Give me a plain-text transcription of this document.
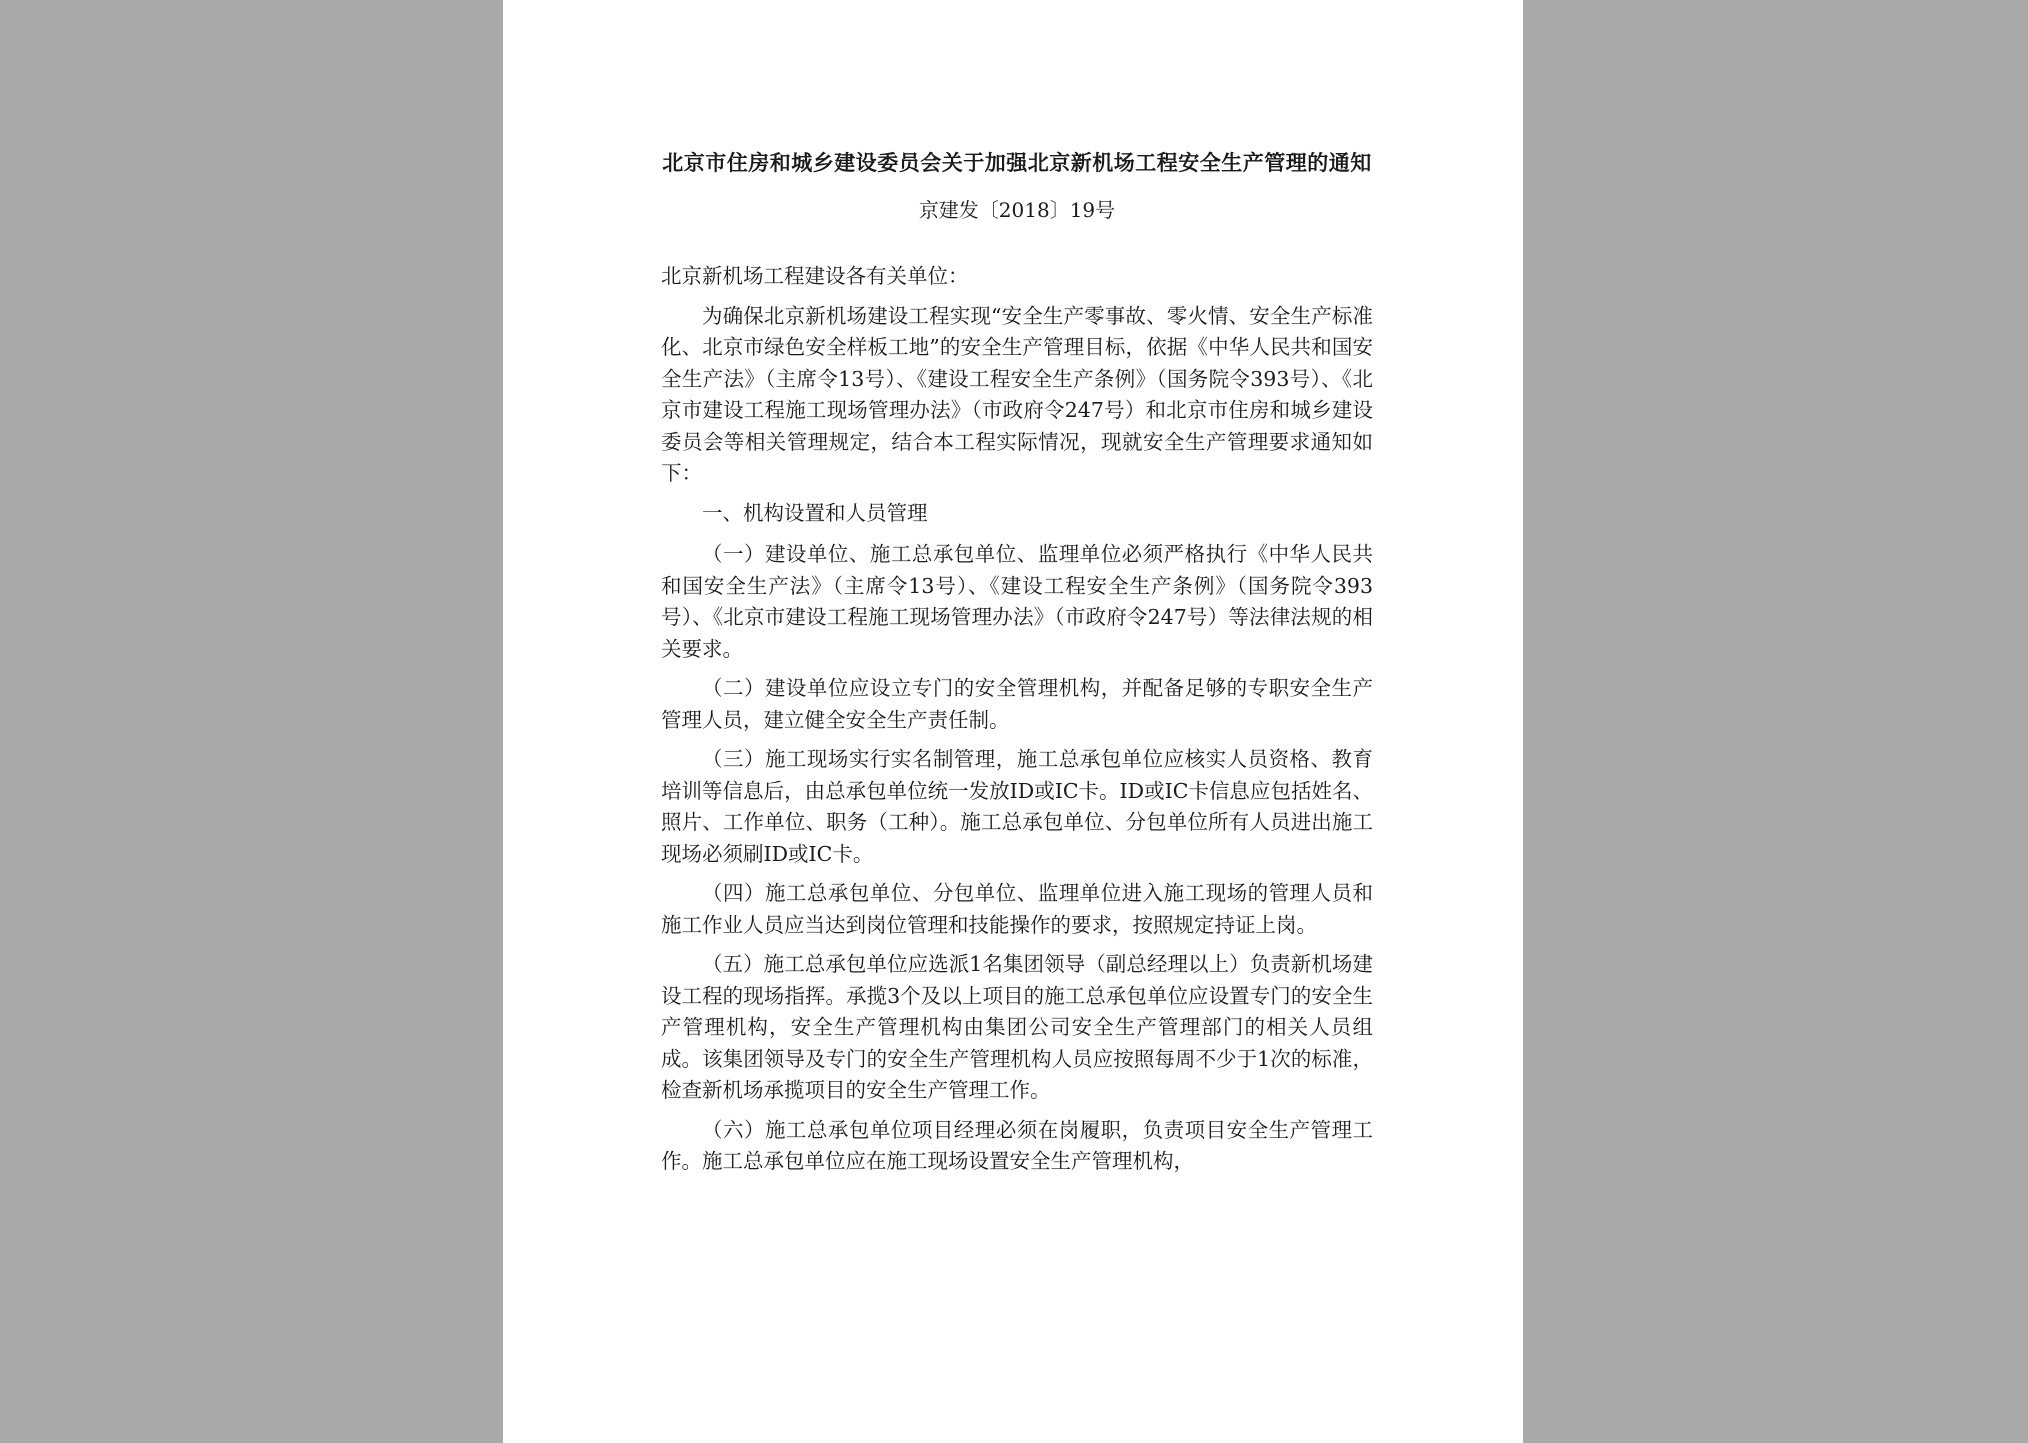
北京市住房和城乡建设委员会关于加强北京新机场工程安全生产管理的通知
京建发〔2018〕19号

北京新机场工程建设各有关单位：

为确保北京新机场建设工程实现“安全生产零事故、零火情、安全生产标准化、北京市绿色安全样板工地”的安全生产管理目标，依据《中华人民共和国安全生产法》（主席令13号）、《建设工程安全生产条例》（国务院令393号）、《北京市建设工程施工现场管理办法》（市政府令247号）和北京市住房和城乡建设委员会等相关管理规定，结合本工程实际情况，现就安全生产管理要求通知如下：

一、机构设置和人员管理

（一）建设单位、施工总承包单位、监理单位必须严格执行《中华人民共和国安全生产法》（主席令13号）、《建设工程安全生产条例》（国务院令393号）、《北京市建设工程施工现场管理办法》（市政府令247号）等法律法规的相关要求。

（二）建设单位应设立专门的安全管理机构，并配备足够的专职安全生产管理人员，建立健全安全生产责任制。

（三）施工现场实行实名制管理，施工总承包单位应核实人员资格、教育培训等信息后，由总承包单位统一发放ID或IC卡。ID或IC卡信息应包括姓名、照片、工作单位、职务（工种）。施工总承包单位、分包单位所有人员进出施工现场必须刷ID或IC卡。

（四）施工总承包单位、分包单位、监理单位进入施工现场的管理人员和施工作业人员应当达到岗位管理和技能操作的要求，按照规定持证上岗。

（五）施工总承包单位应选派1名集团领导（副总经理以上）负责新机场建设工程的现场指挥。承揽3个及以上项目的施工总承包单位应设置专门的安全生产管理机构，安全生产管理机构由集团公司安全生产管理部门的相关人员组成。该集团领导及专门的安全生产管理机构人员应按照每周不少于1次的标准，检查新机场承揽项目的安全生产管理工作。

（六）施工总承包单位项目经理必须在岗履职，负责项目安全生产管理工作。施工总承包单位应在施工现场设置安全生产管理机构，
